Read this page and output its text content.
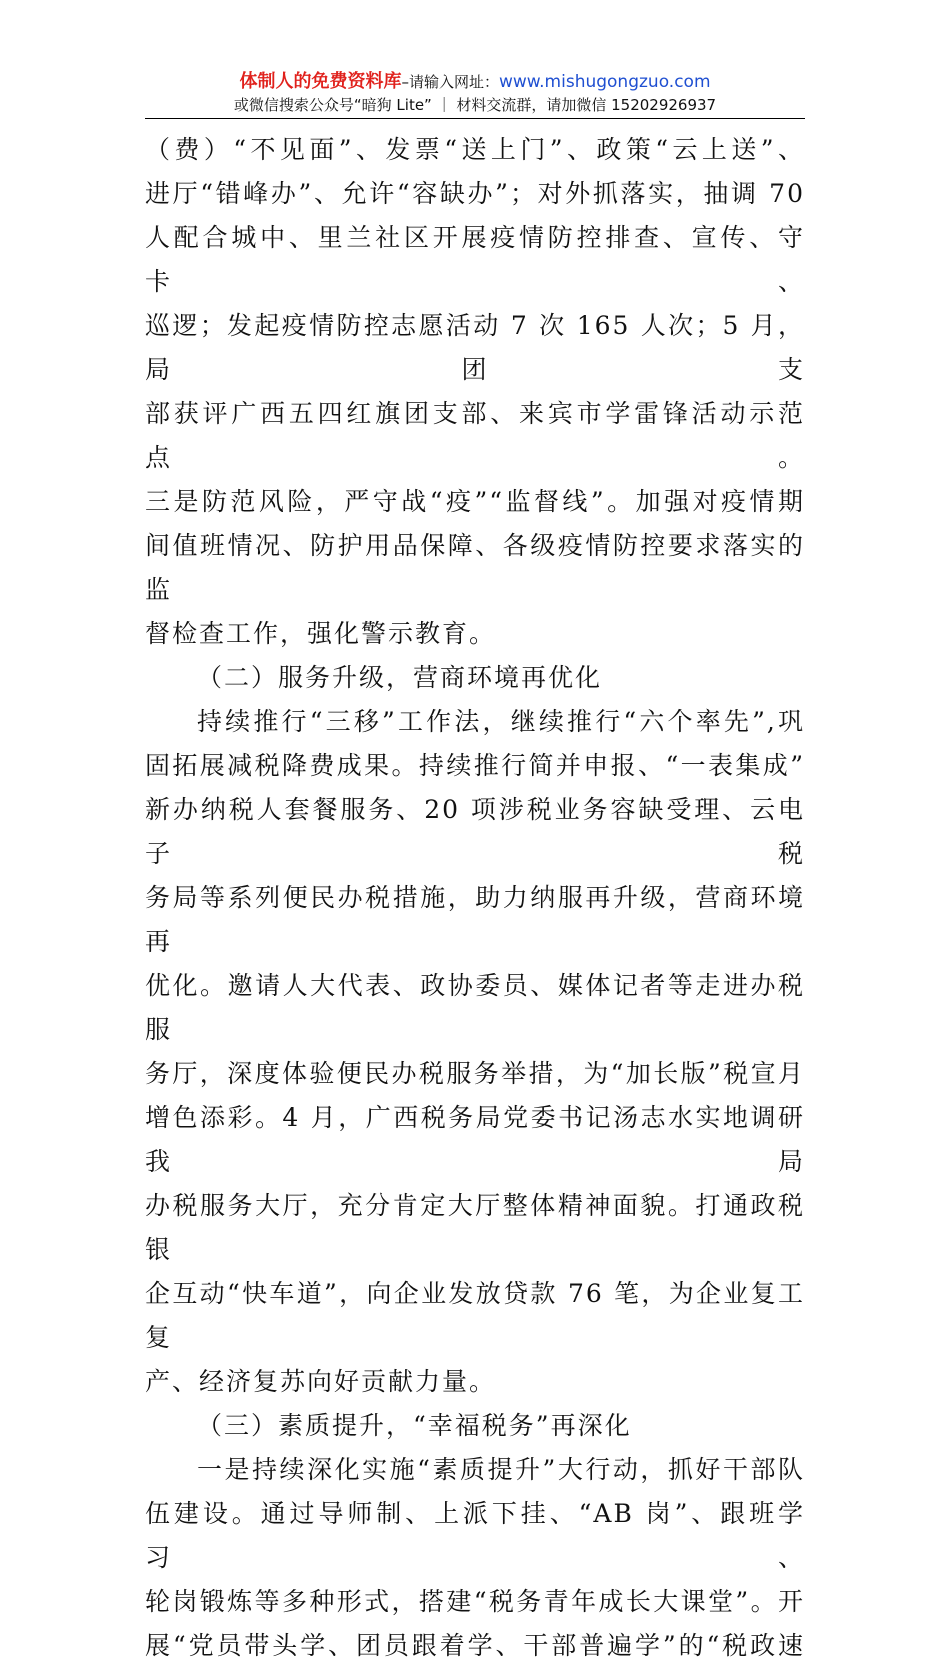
体制人的免费资料库–请输入网址：www.mishugongzuo.com
或微信搜索公众号“暗狗 Lite” ｜ 材料交流群，请加微信 15202926937

（费）“不见面”、发票“送上门”、政策“云上送”、

进厅“错峰办”、允许“容缺办”；对外抓落实，抽调 70

人配合城中、里兰社区开展疫情防控排查、宣传、守卡、

巡逻；发起疫情防控志愿活动 7 次 165 人次；5 月，局团支

部获评广西五四红旗团支部、来宾市学雷锋活动示范点。

三是防范风险，严守战“疫”“监督线”。加强对疫情期

间值班情况、防护用品保障、各级疫情防控要求落实的监

督检查工作，强化警示教育。

（二）服务升级，营商环境再优化

持续推行“三移”工作法，继续推行“六个率先”,巩

固拓展减税降费成果。持续推行简并申报、“一表集成”

新办纳税人套餐服务、20 项涉税业务容缺受理、云电子税

务局等系列便民办税措施，助力纳服再升级，营商环境再

优化。邀请人大代表、政协委员、媒体记者等走进办税服

务厅，深度体验便民办税服务举措，为“加长版”税宣月

增色添彩。4 月，广西税务局党委书记汤志水实地调研我局

办税服务大厅，充分肯定大厅整体精神面貌。打通政税银

企互动“快车道”，向企业发放贷款 76 笔，为企业复工复

产、经济复苏向好贡献力量。

（三）素质提升，“幸福税务”再深化

一是持续深化实施“素质提升”大行动，抓好干部队

伍建设。通过导师制、上派下挂、“AB 岗”、跟班学习、

轮岗锻炼等多种形式，搭建“税务青年成长大课堂”。开

展“党员带头学、团员跟着学、干部普遍学”的“税政速
